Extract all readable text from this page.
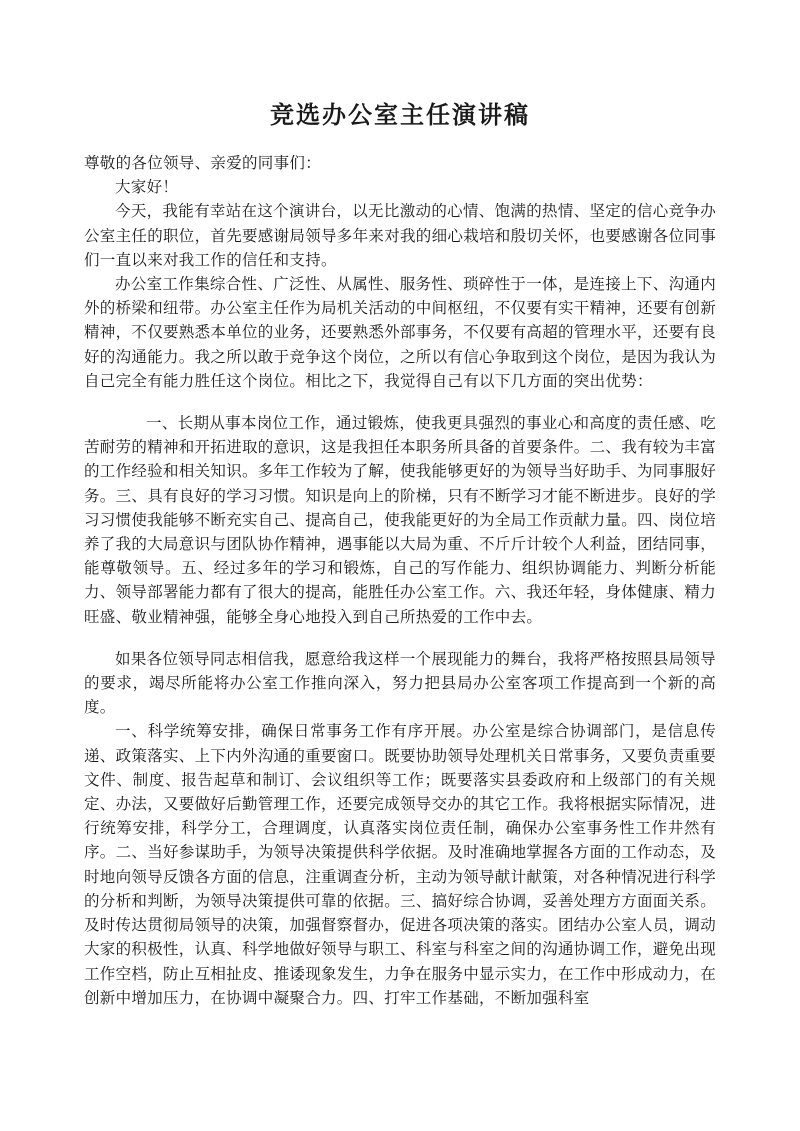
竞选办公室主任演讲稿

尊敬的各位领导、亲爱的同事们：

大家好！

今天，我能有幸站在这个演讲台，以无比激动的心情、饱满的热情、坚定的信心竞争办公室主任的职位，首先要感谢局领导多年来对我的细心栽培和殷切关怀，也要感谢各位同事们一直以来对我工作的信任和支持。

办公室工作集综合性、广泛性、从属性、服务性、琐碎性于一体，是连接上下、沟通内外的桥梁和纽带。办公室主任作为局机关活动的中间枢纽，不仅要有实干精神，还要有创新精神，不仅要熟悉本单位的业务，还要熟悉外部事务，不仅要有高超的管理水平，还要有良好的沟通能力。我之所以敢于竞争这个岗位，之所以有信心争取到这个岗位，是因为我认为自己完全有能力胜任这个岗位。相比之下，我觉得自己有以下几方面的突出优势：

一、长期从事本岗位工作，通过锻炼，使我更具强烈的事业心和高度的责任感、吃苦耐劳的精神和开拓进取的意识，这是我担任本职务所具备的首要条件。二、我有较为丰富的工作经验和相关知识。多年工作较为了解，使我能够更好的为领导当好助手、为同事服好务。三、具有良好的学习习惯。知识是向上的阶梯，只有不断学习才能不断进步。良好的学习习惯使我能够不断充实自己、提高自己，使我能更好的为全局工作贡献力量。四、岗位培养了我的大局意识与团队协作精神，遇事能以大局为重、不斤斤计较个人利益，团结同事，能尊敬领导。五、经过多年的学习和锻炼，自己的写作能力、组织协调能力、判断分析能力、领导部署能力都有了很大的提高，能胜任办公室工作。六、我还年轻，身体健康、精力旺盛、敬业精神强，能够全身心地投入到自己所热爱的工作中去。

如果各位领导同志相信我，愿意给我这样一个展现能力的舞台，我将严格按照县局领导的要求，竭尽所能将办公室工作推向深入，努力把县局办公室客项工作提高到一个新的高度。

一、科学统筹安排，确保日常事务工作有序开展。办公室是综合协调部门，是信息传递、政策落实、上下内外沟通的重要窗口。既要协助领导处理机关日常事务，又要负责重要文件、制度、报告起草和制订、会议组织等工作；既要落实县委政府和上级部门的有关规定、办法，又要做好后勤管理工作，还要完成领导交办的其它工作。我将根据实际情况，进行统筹安排，科学分工，合理调度，认真落实岗位责任制，确保办公室事务性工作井然有序。二、当好参谋助手，为领导决策提供科学依据。及时准确地掌握各方面的工作动态，及时地向领导反馈各方面的信息，注重调查分析，主动为领导献计献策，对各种情况进行科学的分析和判断，为领导决策提供可靠的依据。三、搞好综合协调，妥善处理方方面面关系。及时传达贯彻局领导的决策，加强督察督办，促进各项决策的落实。团结办公室人员，调动大家的积极性，认真、科学地做好领导与职工、科室与科室之间的沟通协调工作，避免出现工作空档，防止互相扯皮、推诿现象发生，力争在服务中显示实力，在工作中形成动力，在创新中增加压力，在协调中凝聚合力。四、打牢工作基础，不断加强科室
